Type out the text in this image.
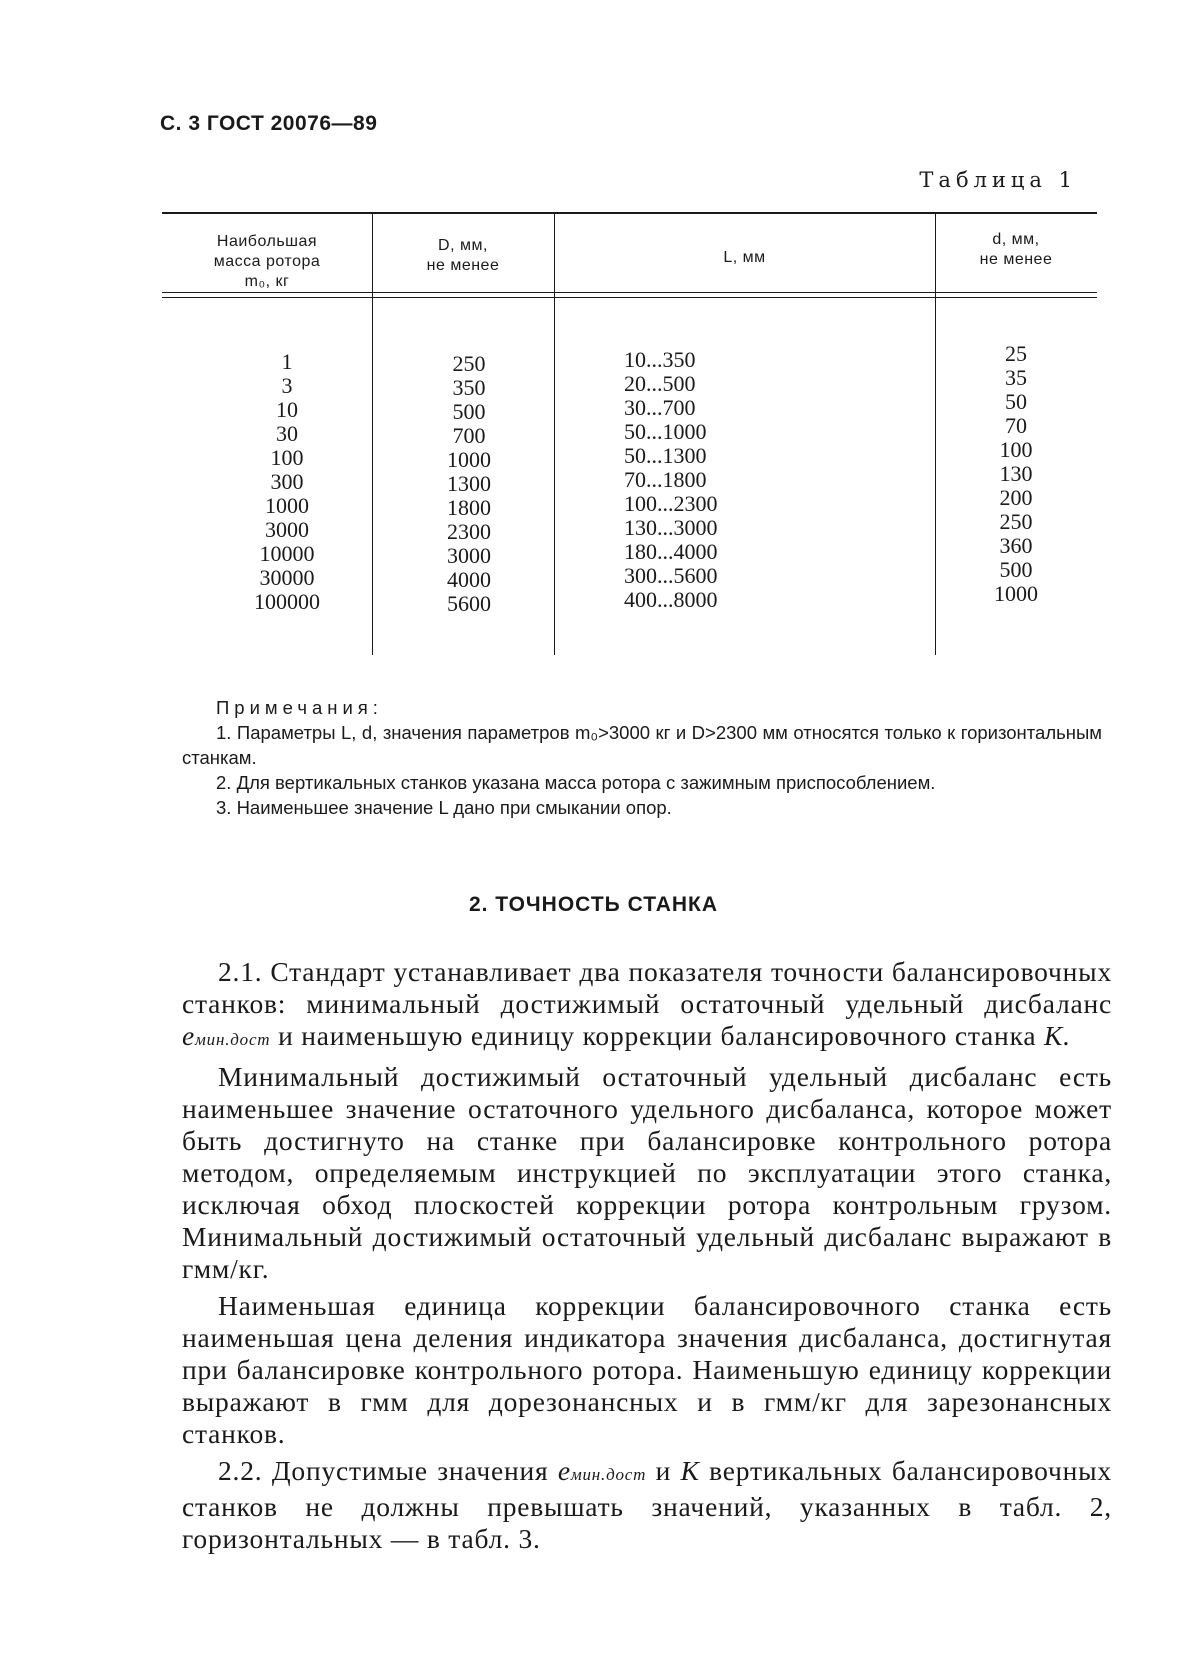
С. 3 ГОСТ 20076—89
Таблица 1
Наибольшая
масса ротора
m₀, кг
D, мм,
не менее	L, мм
d, мм,
не менее
1
3
10
30
100
300
1000
3000
10000
30000
100000
250
350
500
700
1000
1300
1800
2300
3000
4000
5600
10...350
20...500
30...700
50...1000
50...1300
70...1800
100...2300
130...3000
180...4000
300...5600
400...8000
25
35
50
70
100
130
200
250
360
500
1000
Примечания:
1. Параметры L, d, значения параметров m₀>3000 кг и D>2300 мм относятся только к горизонтальным станкам.
2. Для вертикальных станков указана масса ротора с зажимным приспособлением.
3. Наименьшее значение L дано при смыкании опор.
2. ТОЧНОСТЬ СТАНКА

2.1. Стандарт устанавливает два показателя точности балансировочных станков: минимальный достижимый остаточный удельный дисбаланс eмин.дост и наименьшую единицу коррекции балансировочного станка K.

Минимальный достижимый остаточный удельный дисбаланс есть наименьшее значение остаточного удельного дисбаланса, которое может быть достигнуто на станке при балансировке контрольного ротора методом, определяемым инструкцией по эксплуатации этого станка, исключая обход плоскостей коррекции ротора контрольным грузом. Минимальный достижимый остаточный удельный дисбаланс выражают в гмм/кг.

Наименьшая единица коррекции балансировочного станка есть наименьшая цена деления индикатора значения дисбаланса, достигнутая при балансировке контрольного ротора. Наименьшую единицу коррекции выражают в гмм для дорезонансных и в гмм/кг для зарезонансных станков.

2.2. Допустимые значения eмин.дост и K вертикальных балансировочных станков не должны превышать значений, указанных в табл. 2, горизонтальных — в табл. 3.
